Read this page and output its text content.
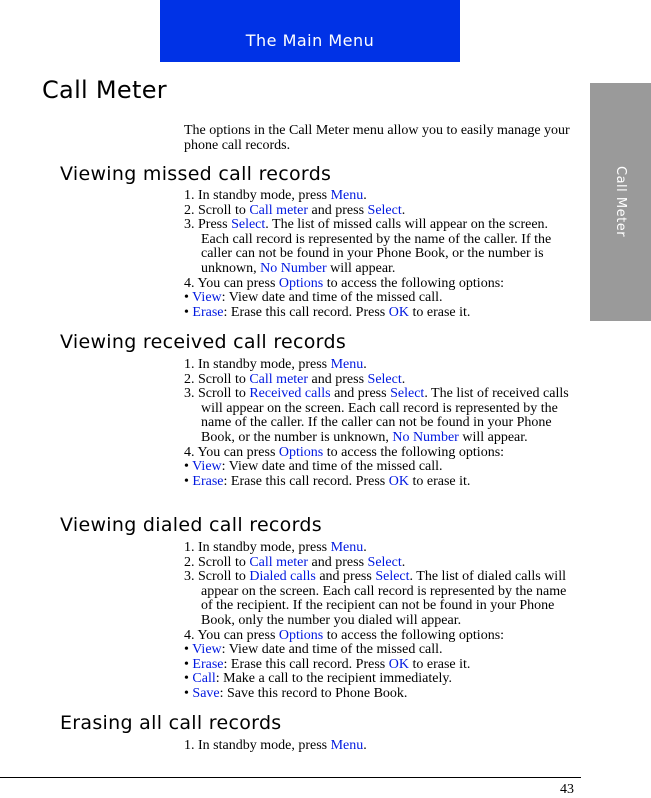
The Main Menu
Call Meter
Call Meter

The options in the Call Meter menu allow you to easily manage your phone call records.

Viewing missed call records
1. In standby mode, press Menu.
2. Scroll to Call meter and press Select.
3. Press Select. The list of missed calls will appear on the screen. Each call record is represented by the name of the caller. If the caller can not be found in your Phone Book, or the number is unknown, No Number will appear.
4. You can press Options to access the following options:
• View: View date and time of the missed call.
• Erase: Erase this call record. Press OK to erase it.
Viewing received call records
1. In standby mode, press Menu.
2. Scroll to Call meter and press Select.
3. Scroll to Received calls and press Select. The list of received calls will appear on the screen. Each call record is represented by the name of the caller. If the caller can not be found in your Phone Book, or the number is unknown, No Number will appear.
4. You can press Options to access the following options:
• View: View date and time of the missed call.
• Erase: Erase this call record. Press OK to erase it.
Viewing dialed call records
1. In standby mode, press Menu.
2. Scroll to Call meter and press Select.
3. Scroll to Dialed calls and press Select. The list of dialed calls will appear on the screen. Each call record is represented by the name of the recipient. If the recipient can not be found in your Phone Book, only the number you dialed will appear.
4. You can press Options to access the following options:
• View: View date and time of the missed call.
• Erase: Erase this call record. Press OK to erase it.
• Call: Make a call to the recipient immediately.
• Save: Save this record to Phone Book.
Erasing all call records
1. In standby mode, press Menu.
43
